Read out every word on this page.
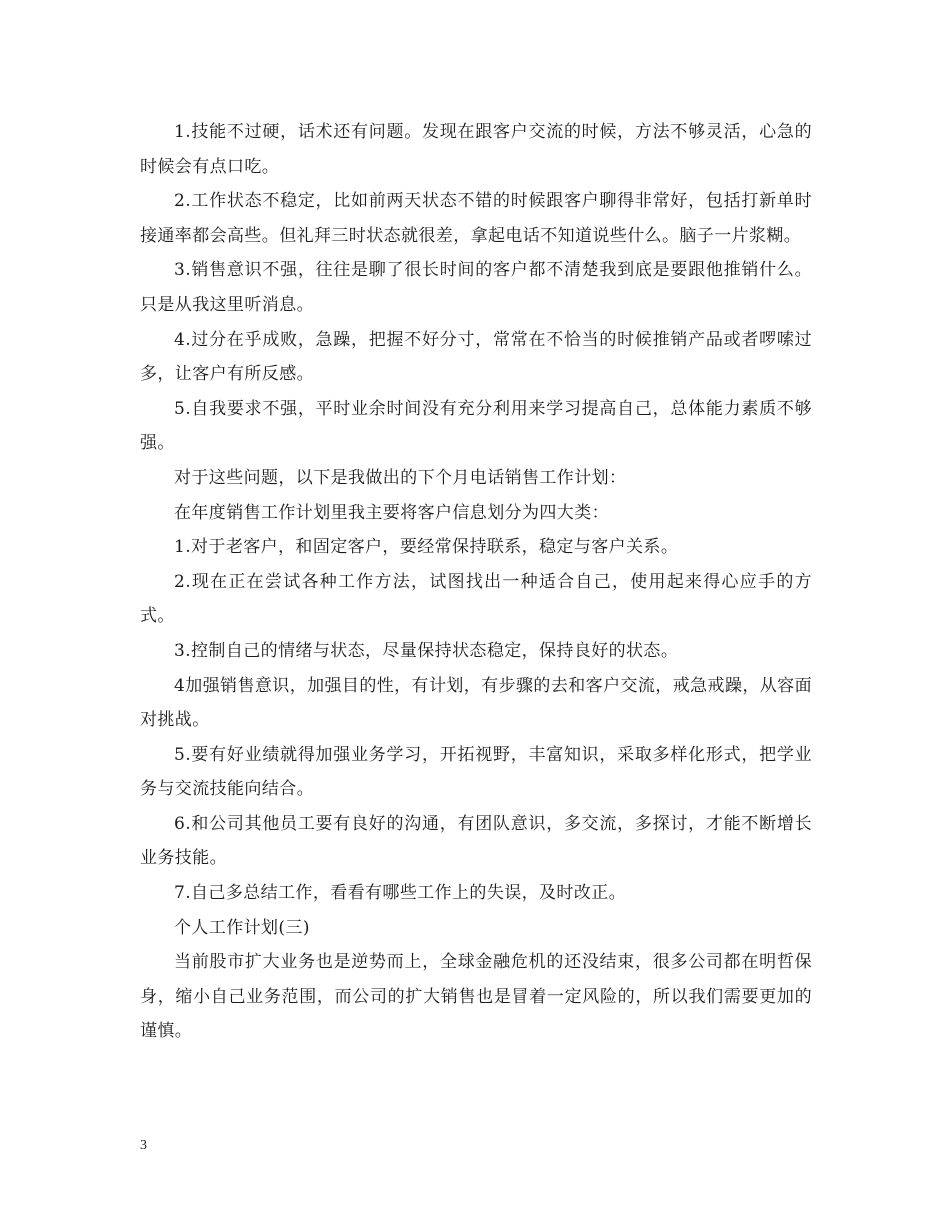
1.技能不过硬，话术还有问题。发现在跟客户交流的时候，方法不够灵活，心急的时候会有点口吃。

2.工作状态不稳定，比如前两天状态不错的时候跟客户聊得非常好，包括打新单时接通率都会高些。但礼拜三时状态就很差，拿起电话不知道说些什么。脑子一片浆糊。

3.销售意识不强，往往是聊了很长时间的客户都不清楚我到底是要跟他推销什么。只是从我这里听消息。

4.过分在乎成败，急躁，把握不好分寸，常常在不恰当的时候推销产品或者啰嗦过多，让客户有所反感。

5.自我要求不强，平时业余时间没有充分利用来学习提高自己，总体能力素质不够强。

对于这些问题，以下是我做出的下个月电话销售工作计划：

在年度销售工作计划里我主要将客户信息划分为四大类：

1.对于老客户，和固定客户，要经常保持联系，稳定与客户关系。

2.现在正在尝试各种工作方法，试图找出一种适合自己，使用起来得心应手的方式。

3.控制自己的情绪与状态，尽量保持状态稳定，保持良好的状态。

4加强销售意识，加强目的性，有计划，有步骤的去和客户交流，戒急戒躁，从容面对挑战。

5.要有好业绩就得加强业务学习，开拓视野，丰富知识，采取多样化形式，把学业务与交流技能向结合。

6.和公司其他员工要有良好的沟通，有团队意识，多交流，多探讨，才能不断增长业务技能。

7.自己多总结工作，看看有哪些工作上的失误，及时改正。

个人工作计划(三)

当前股市扩大业务也是逆势而上，全球金融危机的还没结束，很多公司都在明哲保身，缩小自己业务范围，而公司的扩大销售也是冒着一定风险的，所以我们需要更加的谨慎。

3
